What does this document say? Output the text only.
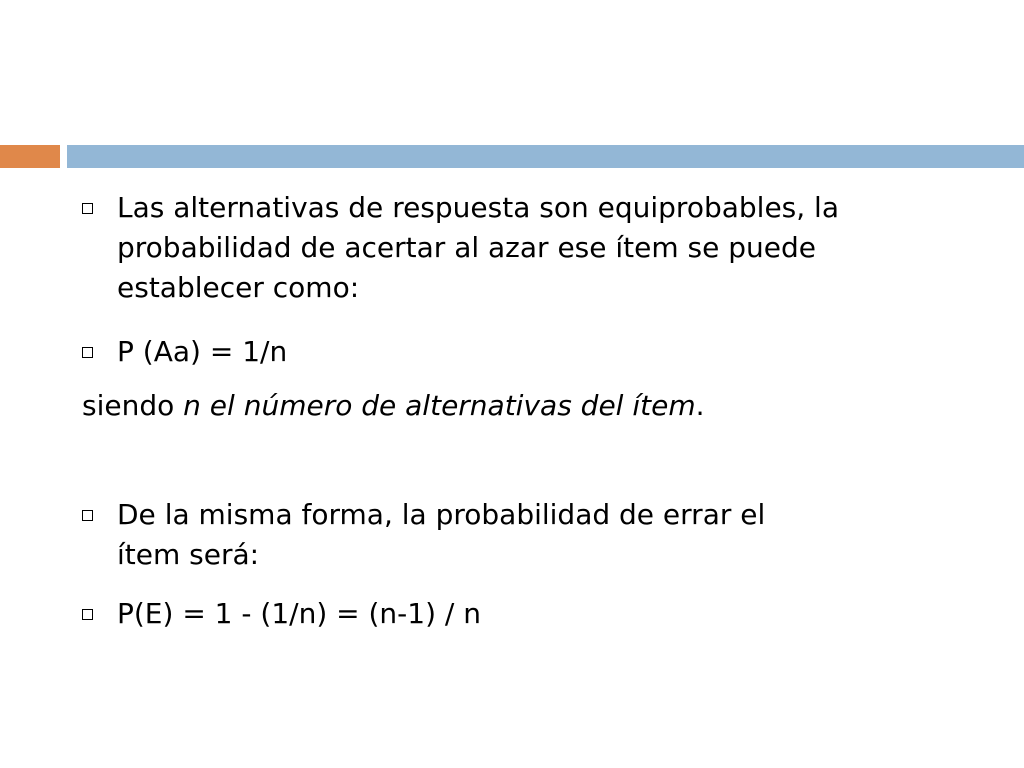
Las alternativas de respuesta son equiprobables, la
probabilidad de acertar al azar ese ítem se puede
establecer como:
P (Aa) = 1/n
siendo n el número de alternativas del ítem.
De la misma forma, la probabilidad de errar el
ítem será:
P(E) = 1 - (1/n) = (n-1) / n
